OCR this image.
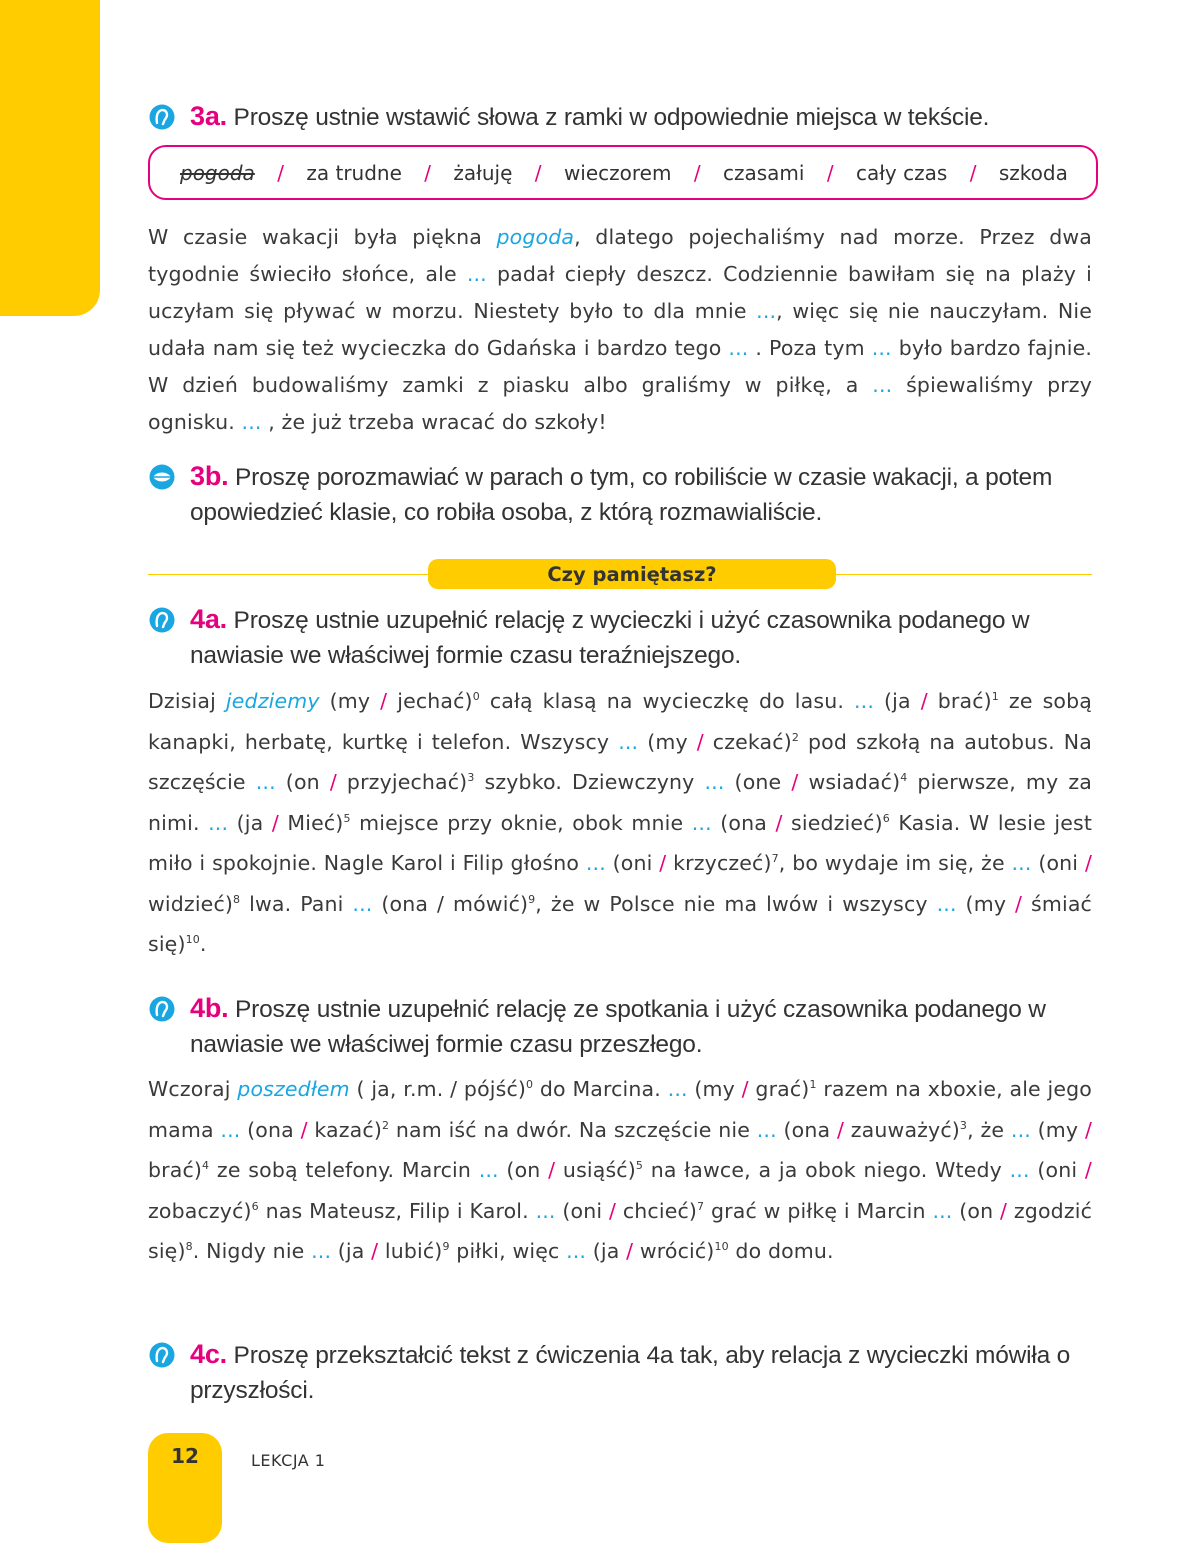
3a. Proszę ustnie wstawić słowa z ramki w odpowiednie miejsca w tekście.
pogoda / za trudne / żałuję / wieczorem / czasami / cały czas / szkoda
W czasie wakacji była piękna pogoda, dlatego pojechaliśmy nad morze. Przez dwa tygodnie świeciło słońce, ale ... padał ciepły deszcz. Codziennie bawiłam się na plaży i uczyłam się pływać w morzu. Niestety było to dla mnie ..., więc się nie nauczyłam. Nie udała nam się też wycieczka do Gdańska i bardzo tego ... . Poza tym ... było bardzo fajnie. W dzień budowaliśmy zamki z piasku albo graliśmy w piłkę, a ... śpiewaliśmy przy ognisku. ... , że już trzeba wracać do szkoły!
3b. Proszę porozmawiać w parach o tym, co robiliście w czasie wakacji, a potem opowiedzieć klasie, co robiła osoba, z którą rozmawialiście.
Czy pamiętasz?
4a. Proszę ustnie uzupełnić relację z wycieczki i użyć czasownika podanego w nawiasie we właściwej formie czasu teraźniejszego.
Dzisiaj jedziemy (my / jechać)$^0$ całą klasą na wycieczkę do lasu. ... (ja / brać)$^1$ ze sobą kanapki, herbatę, kurtkę i telefon. Wszyscy ... (my / czekać)$^2$ pod szkołą na autobus. Na szczęście ... (on / przyjechać)$^3$ szybko. Dziewczyny ... (one / wsiadać)$^4$ pierwsze, my za nimi. ... (ja / Mieć)$^5$ miejsce przy oknie, obok mnie ... (ona / siedzieć)$^6$ Kasia. W lesie jest miło i spokojnie. Nagle Karol i Filip głośno ... (oni / krzyczeć)$^7$, bo wydaje im się, że ... (oni / widzieć)$^8$ lwa. Pani ... (ona / mówić)$^9$, że w Polsce nie ma lwów i wszyscy ... (my / śmiać się)$^{10}$.
4b. Proszę ustnie uzupełnić relację ze spotkania i użyć czasownika podanego w nawiasie we właściwej formie czasu przeszłego.
Wczoraj poszedłem ( ja, r.m. / pójść)$^0$ do Marcina. ... (my / grać)$^1$ razem na xboxie, ale jego mama ... (ona / kazać)$^2$ nam iść na dwór. Na szczęście nie ... (ona / zauważyć)$^3$, że ... (my / brać)$^4$ ze sobą telefony. Marcin ... (on / usiąść)$^5$ na ławce, a ja obok niego. Wtedy ... (oni / zobaczyć)$^6$ nas Mateusz, Filip i Karol. ... (oni / chcieć)$^7$ grać w piłkę i Marcin ... (on / zgodzić się)$^8$. Nigdy nie ... (ja / lubić)$^9$ piłki, więc ... (ja / wrócić)$^{10}$ do domu.
4c. Proszę przekształcić tekst z ćwiczenia 4a tak, aby relacja z wycieczki mówiła o przyszłości.
12	LEKCJA 1
